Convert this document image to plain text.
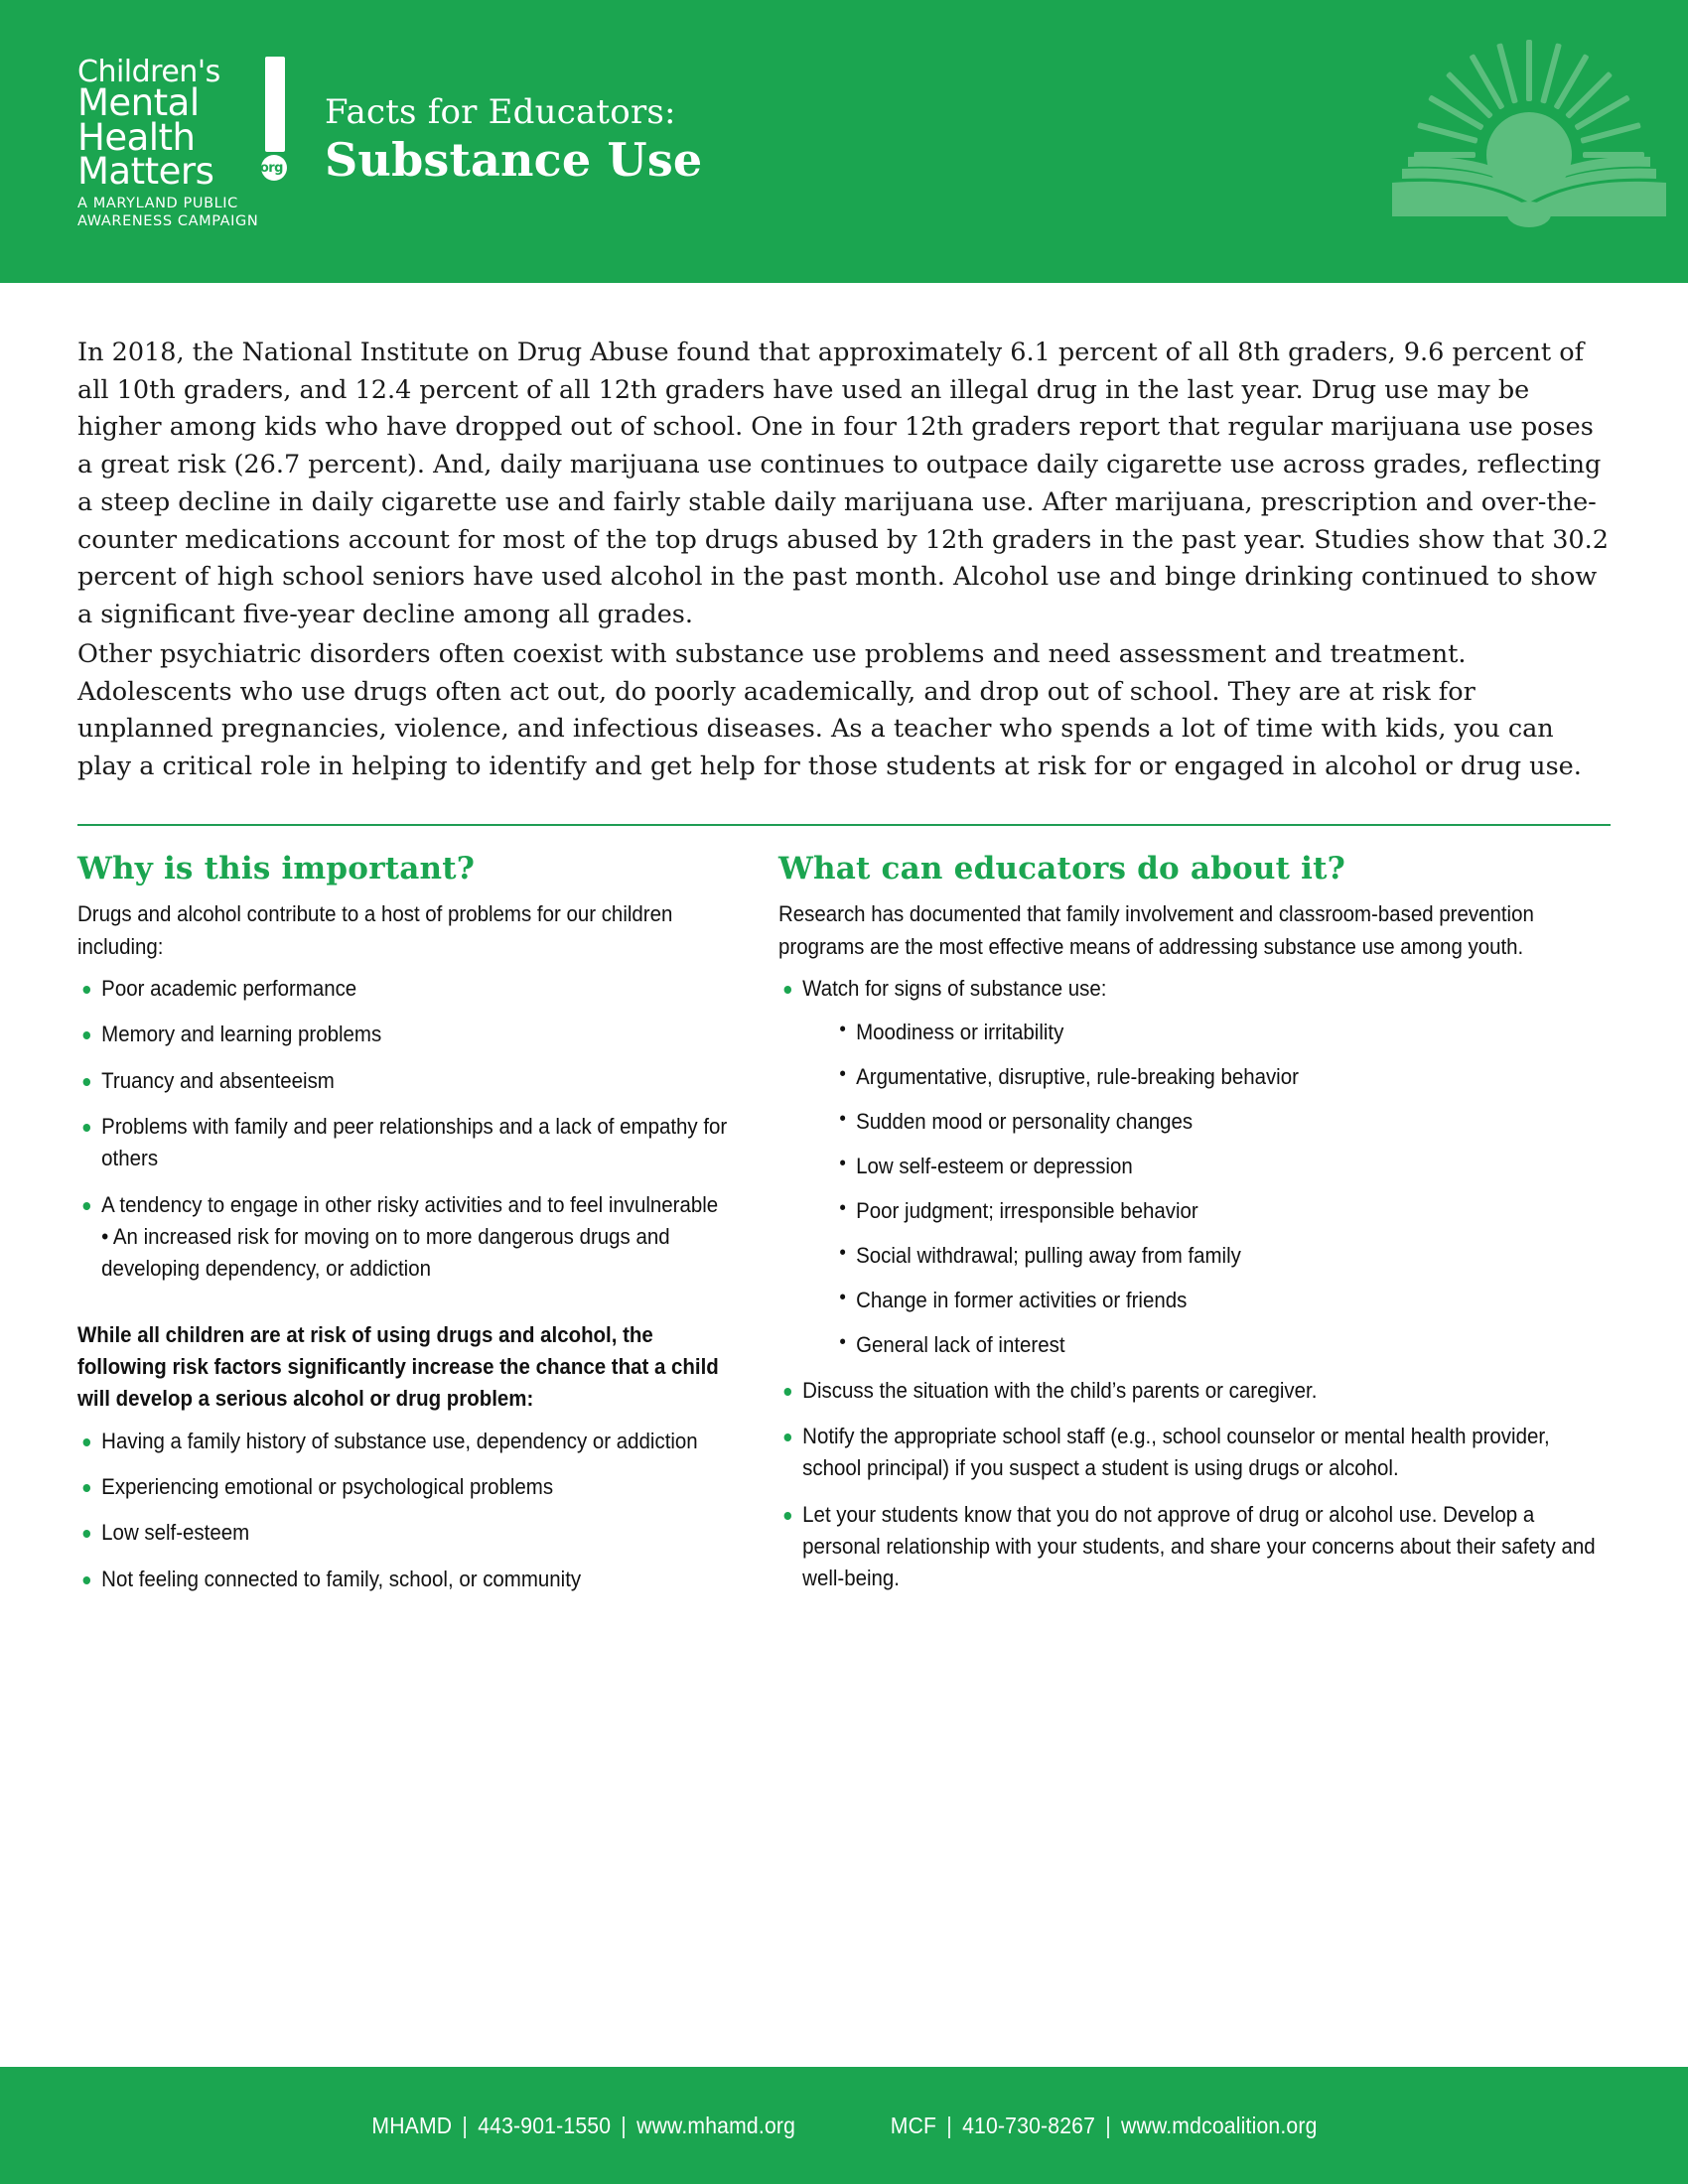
org
Children's
Mental
Health
Matters
A MARYLAND PUBLIC
AWARENESS CAMPAIGN
Facts for Educators:
Substance Use

In 2018, the National Institute on Drug Abuse found that approximately 6.1 percent of all 8th graders, 9.6 percent of all 10th graders, and 12.4 percent of all 12th graders have used an illegal drug in the last year. Drug use may be higher among kids who have dropped out of school. One in four 12th graders report that regular marijuana use poses a great risk (26.7 percent). And, daily marijuana use continues to outpace daily cigarette use across grades, reflecting a steep decline in daily cigarette use and fairly stable daily marijuana use. After marijuana, prescription and over-the-counter medications account for most of the top drugs abused by 12th graders in the past year. Studies show that 30.2 percent of high school seniors have used alcohol in the past month. Alcohol use and binge drinking continued to show a significant five-year decline among all grades.

Other psychiatric disorders often coexist with substance use problems and need assessment and treatment. Adolescents who use drugs often act out, do poorly academically, and drop out of school. They are at risk for unplanned pregnancies, violence, and infectious diseases. As a teacher who spends a lot of time with kids, you can play a critical role in helping to identify and get help for those students at risk for or engaged in alcohol or drug use.

Why is this important?

Drugs and alcohol contribute to a host of problems for our children including:

Poor academic performance
Memory and learning problems
Truancy and absenteeism
Problems with family and peer relationships and a lack of empathy for others
A tendency to engage in other risky activities and to feel invulnerable • An increased risk for moving on to more dangerous drugs and developing dependency, or addiction

While all children are at risk of using drugs and alcohol, the following risk factors significantly increase the chance that a child will develop a serious alcohol or drug problem:

Having a family history of substance use, dependency or addiction
Experiencing emotional or psychological problems
Low self-esteem
Not feeling connected to family, school, or community
What can educators do about it?

Research has documented that family involvement and classroom-based prevention programs are the most effective means of addressing substance use among youth.

Watch for signs of substance use:
• Moodiness or irritability
• Argumentative, disruptive, rule-breaking behavior
• Sudden mood or personality changes
• Low self-esteem or depression
• Poor judgment; irresponsible behavior
• Social withdrawal; pulling away from family
• Change in former activities or friends
• General lack of interest
Discuss the situation with the child’s parents or caregiver.
Notify the appropriate school staff (e.g., school counselor or mental health provider, school principal) if you suspect a student is using drugs or alcohol.
Let your students know that you do not approve of drug or alcohol use. Develop a personal relationship with your students, and share your concerns about their safety and well-being.
MHAMD | 443-901-1550 | www.mhamd.org	MCF | 410-730-8267 | www.mdcoalition.org
